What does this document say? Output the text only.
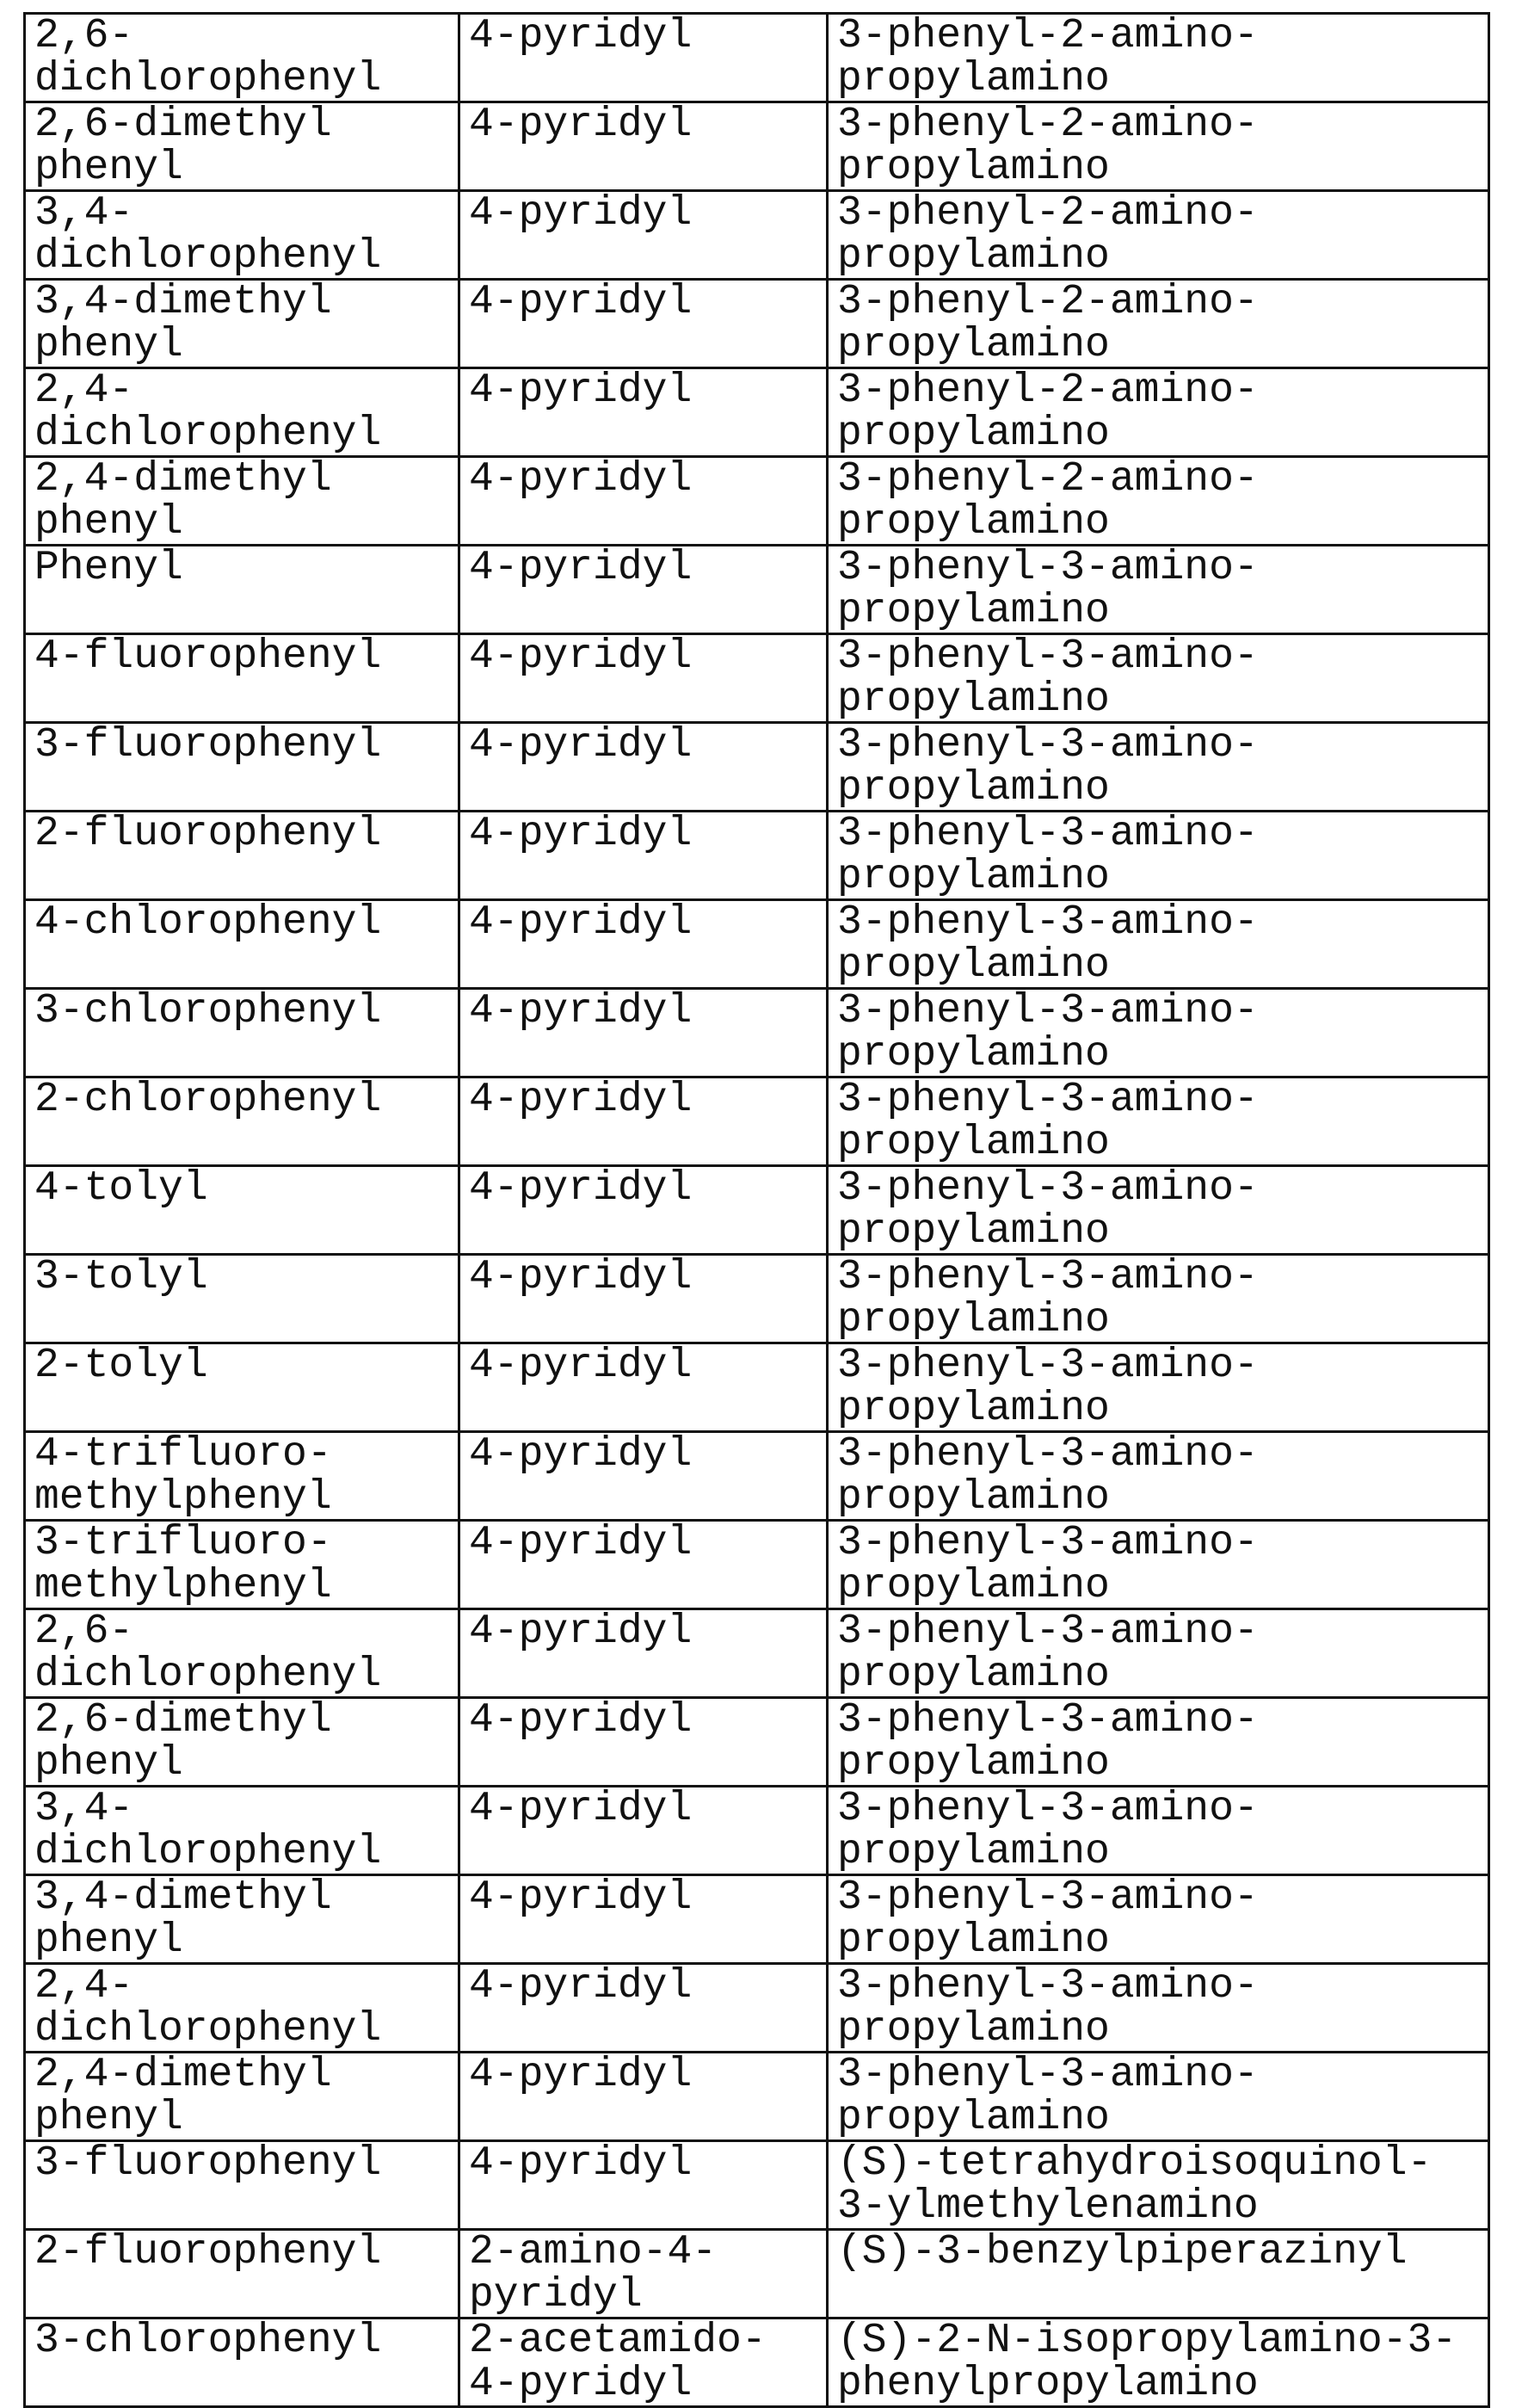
2,6-
dichlorophenyl	4-pyridyl	3-phenyl-2-amino-
propylamino
2,6-dimethyl
phenyl	4-pyridyl	3-phenyl-2-amino-
propylamino
3,4-
dichlorophenyl	4-pyridyl	3-phenyl-2-amino-
propylamino
3,4-dimethyl
phenyl	4-pyridyl	3-phenyl-2-amino-
propylamino
2,4-
dichlorophenyl	4-pyridyl	3-phenyl-2-amino-
propylamino
2,4-dimethyl
phenyl	4-pyridyl	3-phenyl-2-amino-
propylamino
Phenyl	4-pyridyl	3-phenyl-3-amino-
propylamino
4-fluorophenyl	4-pyridyl	3-phenyl-3-amino-
propylamino
3-fluorophenyl	4-pyridyl	3-phenyl-3-amino-
propylamino
2-fluorophenyl	4-pyridyl	3-phenyl-3-amino-
propylamino
4-chlorophenyl	4-pyridyl	3-phenyl-3-amino-
propylamino
3-chlorophenyl	4-pyridyl	3-phenyl-3-amino-
propylamino
2-chlorophenyl	4-pyridyl	3-phenyl-3-amino-
propylamino
4-tolyl	4-pyridyl	3-phenyl-3-amino-
propylamino
3-tolyl	4-pyridyl	3-phenyl-3-amino-
propylamino
2-tolyl	4-pyridyl	3-phenyl-3-amino-
propylamino
4-trifluoro-
methylphenyl	4-pyridyl	3-phenyl-3-amino-
propylamino
3-trifluoro-
methylphenyl	4-pyridyl	3-phenyl-3-amino-
propylamino
2,6-
dichlorophenyl	4-pyridyl	3-phenyl-3-amino-
propylamino
2,6-dimethyl
phenyl	4-pyridyl	3-phenyl-3-amino-
propylamino
3,4-
dichlorophenyl	4-pyridyl	3-phenyl-3-amino-
propylamino
3,4-dimethyl
phenyl	4-pyridyl	3-phenyl-3-amino-
propylamino
2,4-
dichlorophenyl	4-pyridyl	3-phenyl-3-amino-
propylamino
2,4-dimethyl
phenyl	4-pyridyl	3-phenyl-3-amino-
propylamino
3-fluorophenyl	4-pyridyl	(S)-tetrahydroisoquinol-
3-ylmethylenamino
2-fluorophenyl	2-amino-4-
pyridyl	(S)-3-benzylpiperazinyl
3-chlorophenyl	2-acetamido-
4-pyridyl	(S)-2-N-isopropylamino-3-
phenylpropylamino
